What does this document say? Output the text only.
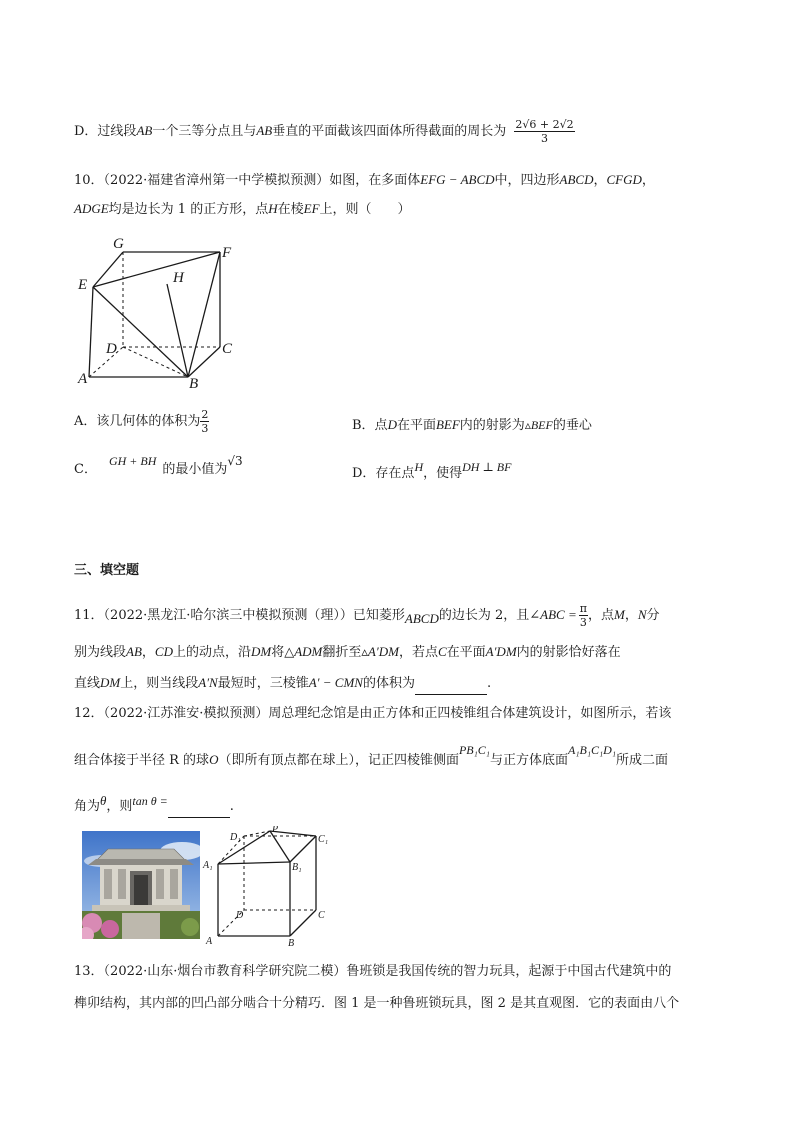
D．过线段AB一个三等分点且与AB垂直的平面截该四面体所得截面的周长为 $\frac{2√6 + 2√2}{3}$
10．（2022·福建省漳州第一中学模拟预测）如图，在多面体EFG − ABCD中，四边形ABCD，CFGD，
ADGE均是边长为 1 的正方形，点H在棱EF上，则（　　）
G
F
E	H
D	C
A	B
A．该几何体的体积为 $\frac{2}{3}$	B．点D在平面BEF内的射影为▵BEF的垂心
C．GH + BH的最小值为√3
D．存在点H，使得DH ⊥ BF
三、填空题
11．（2022·黑龙江·哈尔滨三中模拟预测（理））已知菱形ABCD的边长为 2，且∠ABC = $\frac{\pi}{3}$ ，点M，N分
别为线段AB，CD上的动点，沿DM将△ADM翻折至▵A′DM，若点C在平面A′DM内的射影恰好落在
直线DM上，则当线段A′N最短时，三棱锥A′ − CMN的体积为	.
12．（2022·江苏淮安·模拟预测）周总理纪念馆是由正方体和正四棱锥组合体建筑设计，如图所示，若该
组合体接于半径 R 的球O（即所有顶点都在球上），记正四棱锥侧面PB₁C₁与正方体底面A₁B₁C₁D₁所成二面
角为θ，则tan θ =	.
D₁
P
C₁
A₁	B₁
D	C
A	B
13．（2022·山东·烟台市教育科学研究院二模）鲁班锁是我国传统的智力玩具，起源于中国古代建筑中的
榫卯结构，其内部的凹凸部分啮合十分精巧．图 1 是一种鲁班锁玩具，图 2 是其直观图．它的表面由八个
